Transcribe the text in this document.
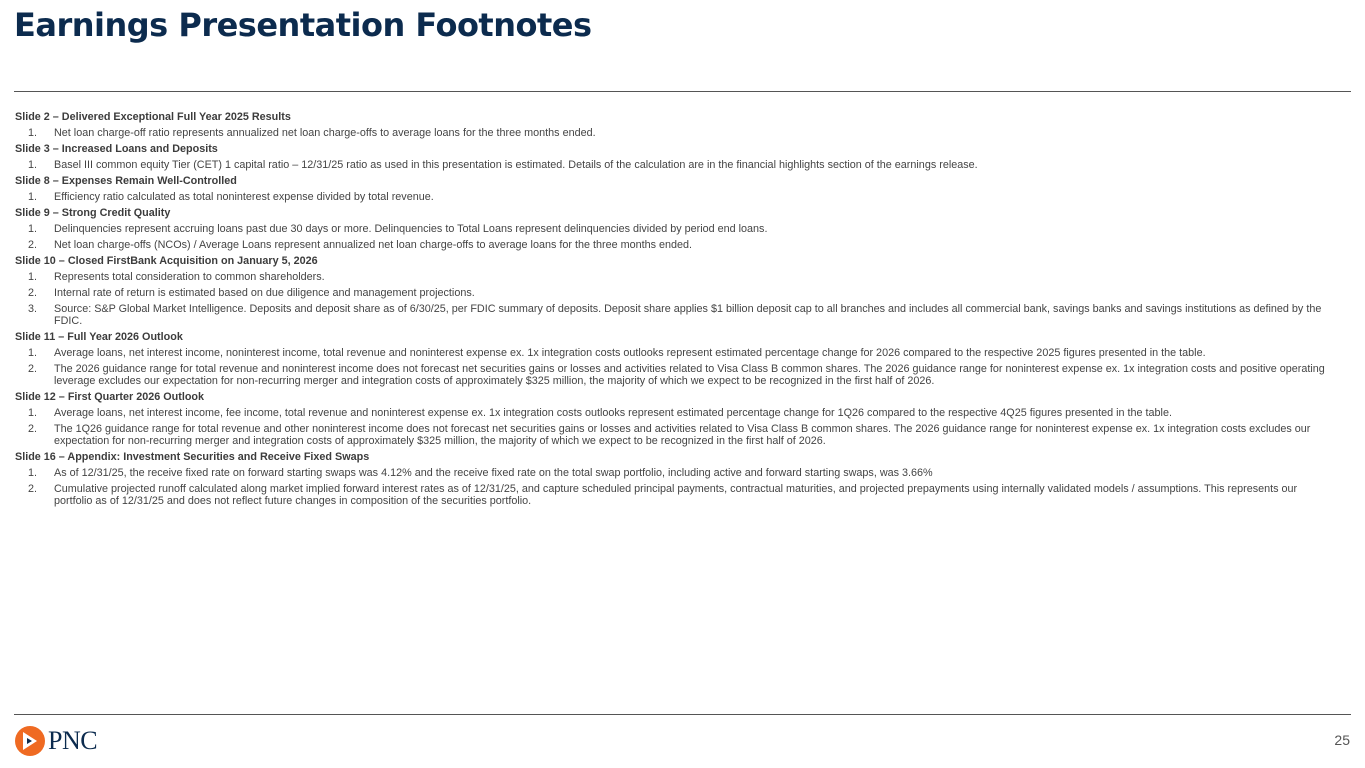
Earnings Presentation Footnotes
Slide 2 – Delivered Exceptional Full Year 2025 Results
1.	Net loan charge-off ratio represents annualized net loan charge-offs to average loans for the three months ended.
Slide 3 – Increased Loans and Deposits
1.	Basel III common equity Tier (CET) 1 capital ratio – 12/31/25 ratio as used in this presentation is estimated. Details of the calculation are in the financial highlights section of the earnings release.
Slide 8 – Expenses Remain Well-Controlled
1.	Efficiency ratio calculated as total noninterest expense divided by total revenue.
Slide 9 – Strong Credit Quality
1.	Delinquencies represent accruing loans past due 30 days or more. Delinquencies to Total Loans represent delinquencies divided by period end loans.
2.	Net loan charge-offs (NCOs) / Average Loans represent annualized net loan charge-offs to average loans for the three months ended.
Slide 10 – Closed FirstBank Acquisition on January 5, 2026
1.	Represents total consideration to common shareholders.
2.	Internal rate of return is estimated based on due diligence and management projections.
3.	Source: S&P Global Market Intelligence. Deposits and deposit share as of 6/30/25, per FDIC summary of deposits. Deposit share applies $1 billion deposit cap to all branches and includes all commercial bank, savings banks and savings institutions as defined by the FDIC.
Slide 11 – Full Year 2026 Outlook
1.	Average loans, net interest income, noninterest income, total revenue and noninterest expense ex. 1x integration costs outlooks represent estimated percentage change for 2026 compared to the respective 2025 figures presented in the table.
2.	The 2026 guidance range for total revenue and noninterest income does not forecast net securities gains or losses and activities related to Visa Class B common shares. The 2026 guidance range for noninterest expense ex. 1x integration costs and positive operating leverage excludes our expectation for non-recurring merger and integration costs of approximately $325 million, the majority of which we expect to be recognized in the first half of 2026.
Slide 12 – First Quarter 2026 Outlook
1.	Average loans, net interest income, fee income, total revenue and noninterest expense ex. 1x integration costs outlooks represent estimated percentage change for 1Q26 compared to the respective 4Q25 figures presented in the table.
2.	The 1Q26 guidance range for total revenue and other noninterest income does not forecast net securities gains or losses and activities related to Visa Class B common shares. The 2026 guidance range for noninterest expense ex. 1x integration costs excludes our expectation for non-recurring merger and integration costs of approximately $325 million, the majority of which we expect to be recognized in the first half of 2026.
Slide 16 – Appendix: Investment Securities and Receive Fixed Swaps
1.	As of 12/31/25, the receive fixed rate on forward starting swaps was 4.12% and the receive fixed rate on the total swap portfolio, including active and forward starting swaps, was 3.66%
2.	Cumulative projected runoff calculated along market implied forward interest rates as of 12/31/25, and capture scheduled principal payments, contractual maturities, and projected prepayments using internally validated models / assumptions. This represents our portfolio as of 12/31/25 and does not reflect future changes in composition of the securities portfolio.
PNC	25
